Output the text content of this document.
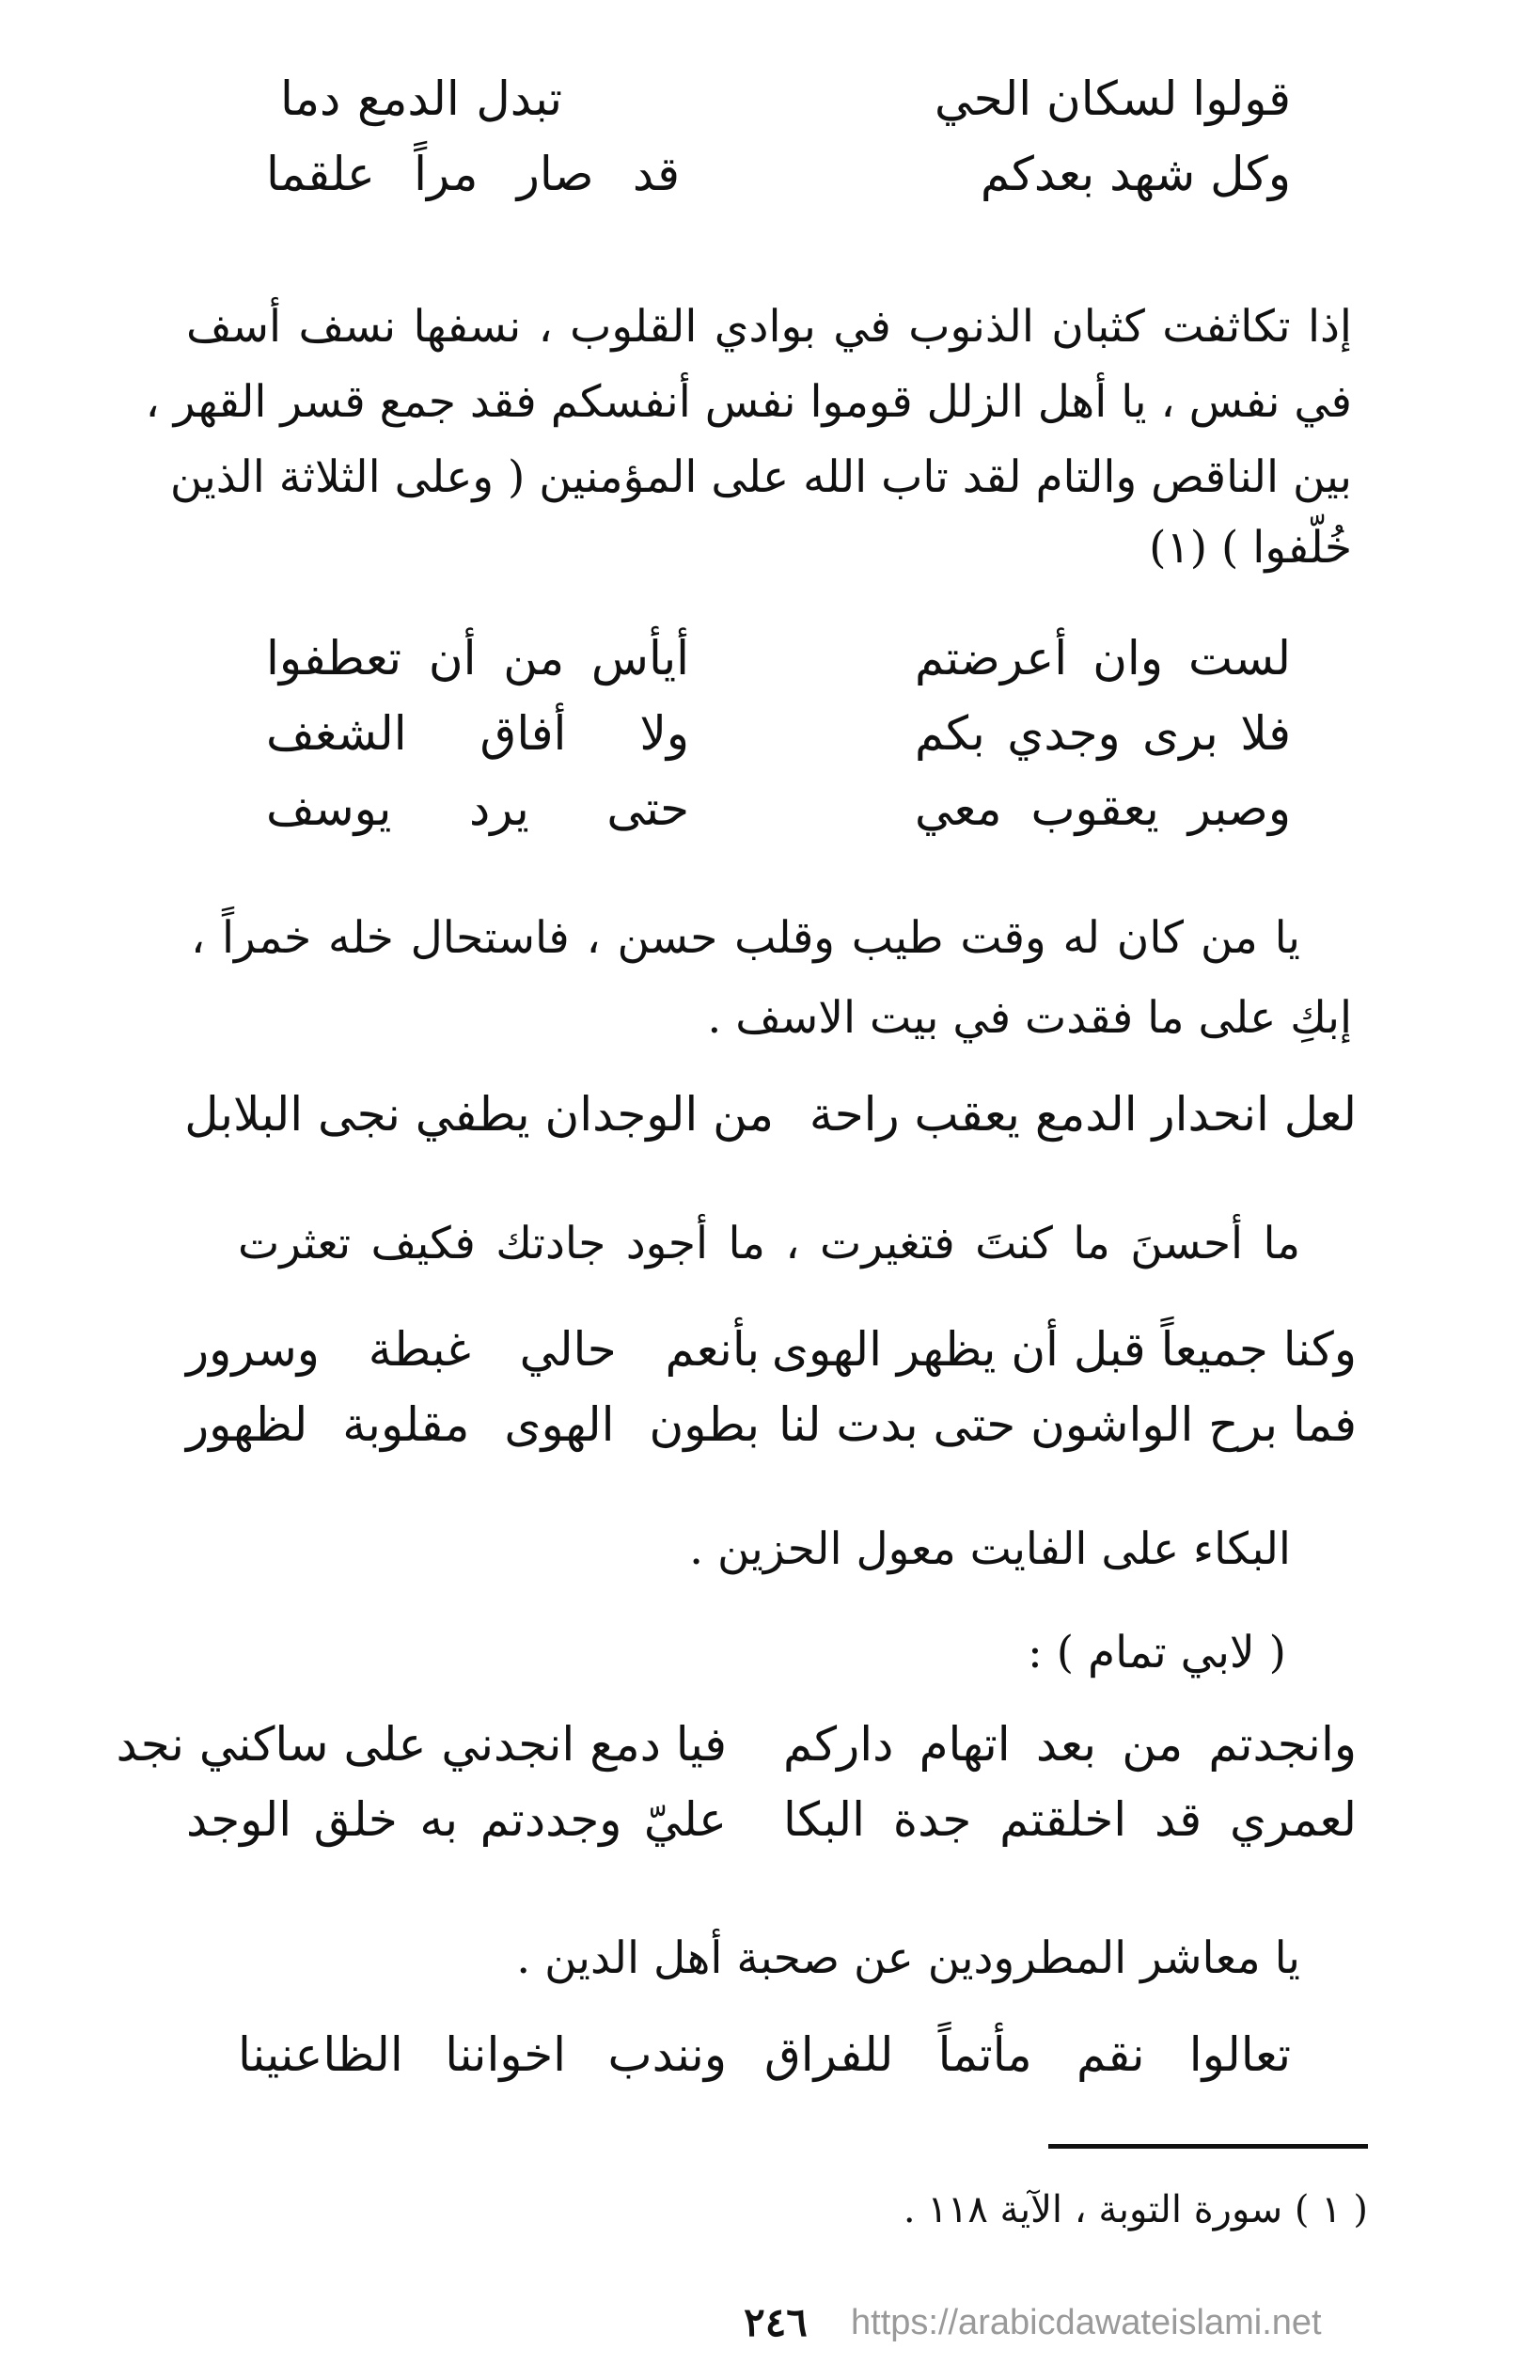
قولوا لسكان الحي
تبدل الدمع دما
وكل شهد بعدكم
قد صار مراً علقما
إذا تكاثفت كثبان الذنوب في بوادي القلوب ، نسفها نسف أسف
في نفس ، يا أهل الزلل قوموا نفس أنفسكم فقد جمع قسر القهر ،
بين الناقص والتام لقد تاب الله على المؤمنين ( وعلى الثلاثة الذين
خُلّفوا ) (١)
لست وان أعرضتم
أيأس من أن تعطفوا
فلا برى وجدي بكم
ولا أفاق الشغف
وصبر يعقوب معي
حتى يرد يوسف
يا من كان له وقت طيب وقلب حسن ، فاستحال خله خمراً ،
إبكِ على ما فقدت في بيت الاسف .
لعل انحدار الدمع يعقب راحة
من الوجدان يطفي نجى البلابل
ما أحسنَ ما كنتَ فتغيرت ، ما أجود جادتك فكيف تعثرت
وكنا جميعاً قبل أن يظهر الهوى
بأنعم حالي غبطة وسرور
فما برح الواشون حتى بدت لنا
بطون الهوى مقلوبة لظهور
البكاء على الفايت معول الحزين .
( لابي تمام ) :
وانجدتم من بعد اتهام داركم
فيا دمع انجدني على ساكني نجد
لعمري قد اخلقتم جدة البكا
عليّ وجددتم به خلق الوجد
يا معاشر المطرودين عن صحبة أهل الدين .
تعالوا نقم مأتماً للفراق
ونندب اخواننا الظاعنينا
( ١ ) سورة التوبة ، الآية ١١٨ .
٢٤٦	https://arabicdawateislami.net
